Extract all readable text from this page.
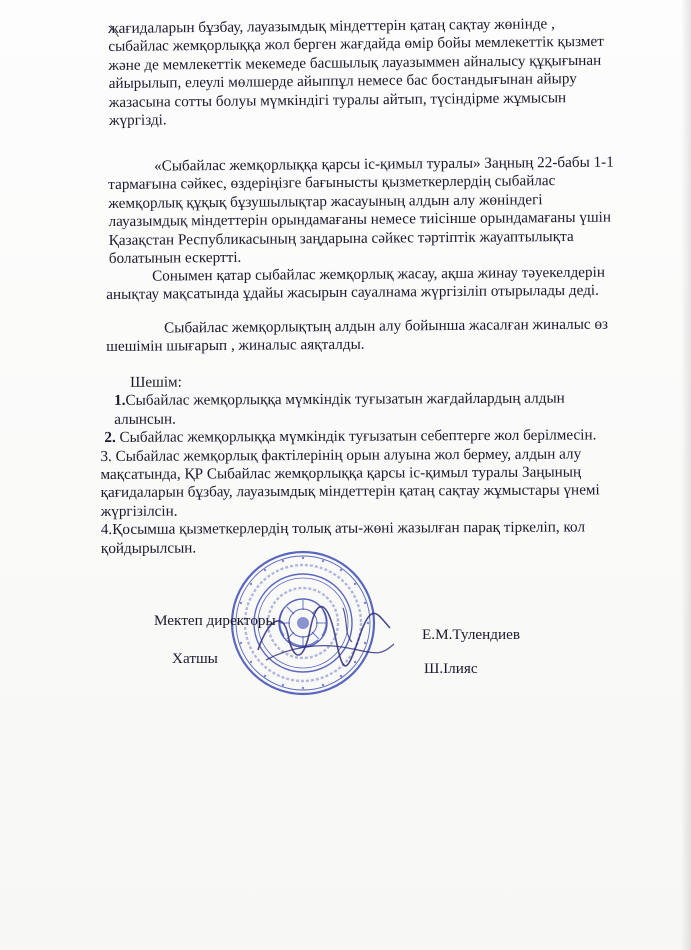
жағидаларын бұзбау, лауазымдық міндеттерін қатаң сақтау жөнінде ,
сыбайлас жемқорлыққа жол берген жағдайда өмір бойы мемлекеттік қызмет
және де мемлекеттік мекемеде басшылық лауазыммен айналысу құқығынан
айырылып, елеулі мөлшерде айыппұл немесе бас бостандығынан айыру
жазасына сотты болуы мүмкіндігі туралы айтып, түсіндірме жұмысын
жүргізді.
«Сыбайлас жемқорлыққа қарсы іс-қимыл туралы» Заңның 22-бабы 1-1
тармағына сәйкес, өздеріңізге бағынысты қызметкерлердің сыбайлас
жемқорлық құқық бұзушылықтар жасауының алдын алу жөніндегі
лауазымдық міндеттерін орындамағаны немесе тиісінше орындамағаны үшін
Қазақстан Республикасының заңдарына сәйкес тәртіптік жауаптылықта
болатынын ескертті.
Сонымен қатар сыбайлас жемқорлық жасау, ақша жинау тәуекелдерін
анықтау мақсатында ұдайы жасырын сауалнама жүргізіліп отырылады деді.
Сыбайлас жемқорлықтың алдын алу бойынша жасалған жиналыс өз
шешімін шығарып , жиналыс аяқталды.
Шешім:
1.Сыбайлас жемқорлыққа мүмкіндік туғызатын жағдайлардың алдын
алынсын.
2. Сыбайлас жемқорлыққа мүмкіндік туғызатын себептерге жол берілмесін.
3. Сыбайлас жемқорлық фактілерінің орын алуына жол бермеу, алдын алу
мақсатында, ҚР Сыбайлас жемқорлыққа қарсы іс-қимыл туралы Заңының
қағидаларын бұзбау, лауазымдық міндеттерін қатаң сақтау жұмыстары үнемі
жүргізілсін.
4.Қосымша қызметкерлердің толық аты-жөні жазылған парақ тіркеліп, кол
қойдырылсын.
Мектеп директоры
Е.М.Тулендиев
Хатшы
Ш.Ілияс
